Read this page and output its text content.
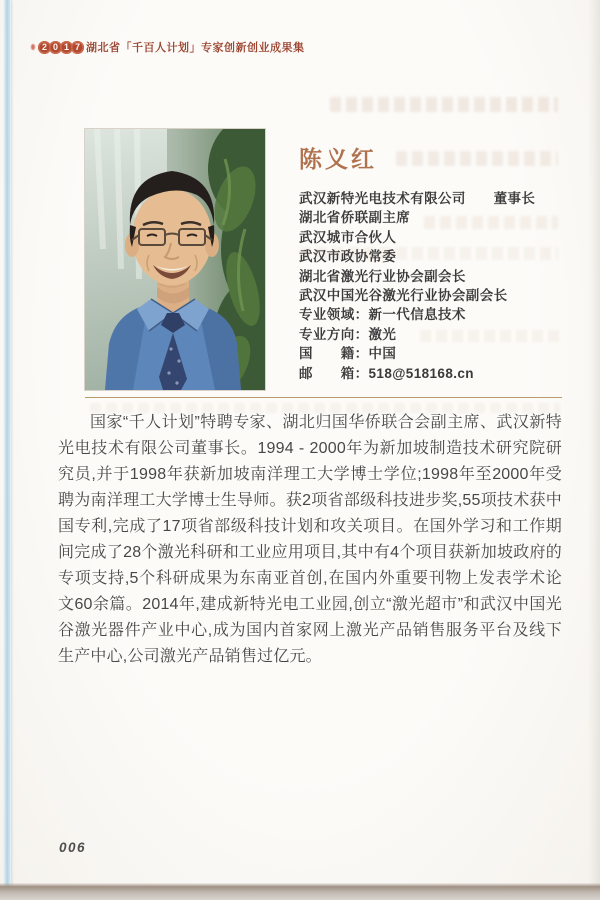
2 0 1 7 湖北省「千百人计划」专家创新创业成果集
陈义红
武汉新特光电技术有限公司　　董事长
湖北省侨联副主席
武汉城市合伙人
武汉市政协常委
湖北省激光行业协会副会长
武汉中国光谷激光行业协会副会长
专业领域：新一代信息技术
专业方向：激光
国　　籍：中国
邮　　箱：518@518168.cn

国家“千人计划”特聘专家、湖北归国华侨联合会副主席、武汉新特光电技术有限公司董事长。1994 - 2000年为新加坡制造技术研究院研究员,并于1998年获新加坡南洋理工大学博士学位;1998年至2000年受聘为南洋理工大学博士生导师。获2项省部级科技进步奖,55项技术获中国专利,完成了17项省部级科技计划和攻关项目。在国外学习和工作期间完成了28个激光科研和工业应用项目,其中有4个项目获新加坡政府的专项支持,5个科研成果为东南亚首创,在国内外重要刊物上发表学术论文60余篇。2014年,建成新特光电工业园,创立“激光超市”和武汉中国光谷激光器件产业中心,成为国内首家网上激光产品销售服务平台及线下生产中心,公司激光产品销售过亿元。

006
